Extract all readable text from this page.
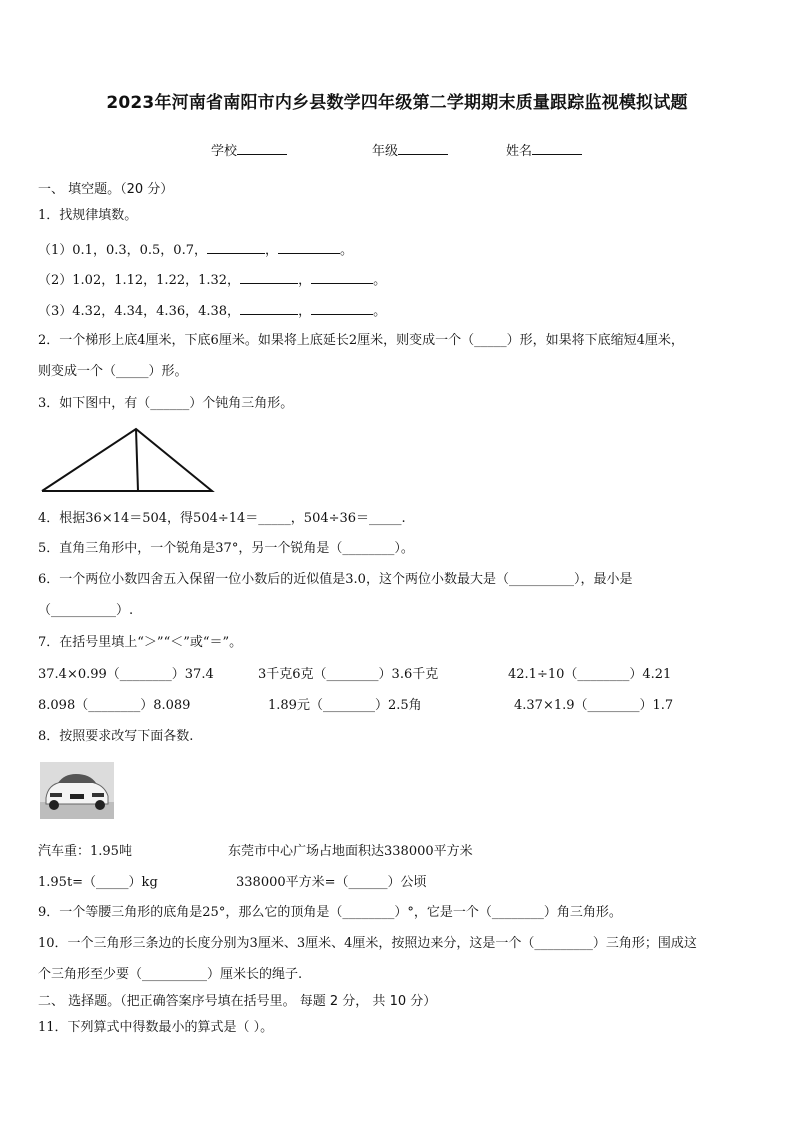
2023年河南省南阳市内乡县数学四年级第二学期期末质量跟踪监视模拟试题
学校	年级	姓名
一、 填空题。（20 分）
1．找规律填数。
（1）0.1，0.3，0.5，0.7，	，	。
（2）1.02，1.12，1.22，1.32，	，	。
（3）4.32，4.34，4.36，4.38，	，	。
2．一个梯形上底4厘米，下底6厘米。如果将上底延长2厘米，则变成一个（_____）形，如果将下底缩短4厘米，
则变成一个（_____）形。
3．如下图中，有（______）个钝角三角形。
4．根据36×14＝504，得504÷14＝_____，504÷36＝_____.
5．直角三角形中，一个锐角是37°，另一个锐角是（________）。
6．一个两位小数四舍五入保留一位小数后的近似值是3.0，这个两位小数最大是（__________），最小是
（__________）.
7．在括号里填上“＞”“＜”或“＝”。
37.4×0.99（________）37.4	3千克6克（________）3.6千克	42.1÷10（________）4.21
8.098（________）8.089	1.89元（________）2.5角	4.37×1.9（________）1.7
8．按照要求改写下面各数.
汽车重：1.95吨	东莞市中心广场占地面积达338000平方米
1.95t=（_____）kg	338000平方米=（______）公顷
9．一个等腰三角形的底角是25°，那么它的顶角是（________）°，它是一个（________）角三角形。
10．一个三角形三条边的长度分别为3厘米、3厘米、4厘米，按照边来分，这是一个（_________）三角形；围成这
个三角形至少要（__________）厘米长的绳子.
二、 选择题。（把正确答案序号填在括号里。 每题 2 分， 共 10 分）
11．下列算式中得数最小的算式是（ ）。
